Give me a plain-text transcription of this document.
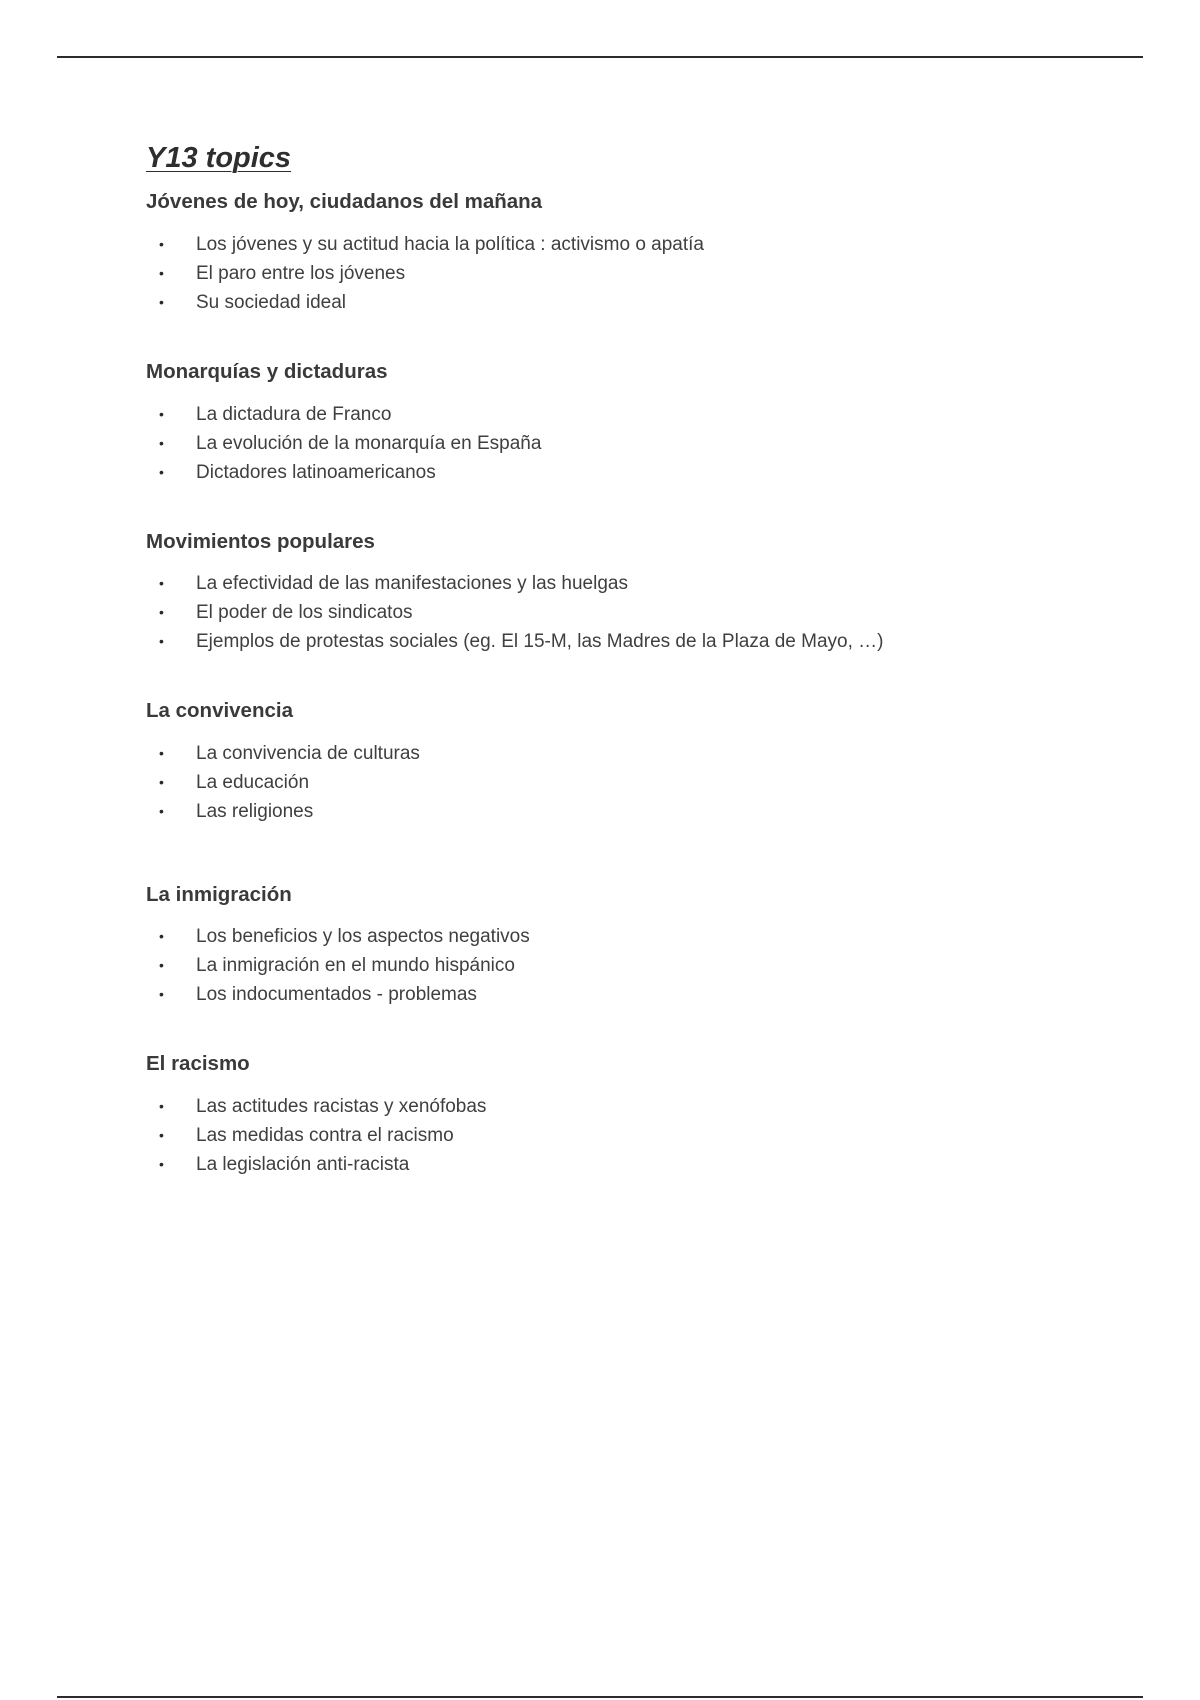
Y13 topics
Jóvenes de hoy, ciudadanos del mañana
• Los jóvenes y su actitud hacia la política : activismo o apatía
• El paro entre los jóvenes
• Su sociedad ideal
Monarquías y dictaduras
• La dictadura de Franco
• La evolución de la monarquía en España
• Dictadores latinoamericanos
Movimientos populares
• La efectividad de las manifestaciones y las huelgas
• El poder de los sindicatos
• Ejemplos de protestas sociales (eg. El 15-M, las Madres de la Plaza de Mayo, …)
La convivencia
• La convivencia de culturas
• La educación
• Las religiones
La inmigración
• Los beneficios y los aspectos negativos
• La inmigración en el mundo hispánico
• Los indocumentados - problemas
El racismo
• Las actitudes racistas y xenófobas
• Las medidas contra el racismo
• La legislación anti-racista
